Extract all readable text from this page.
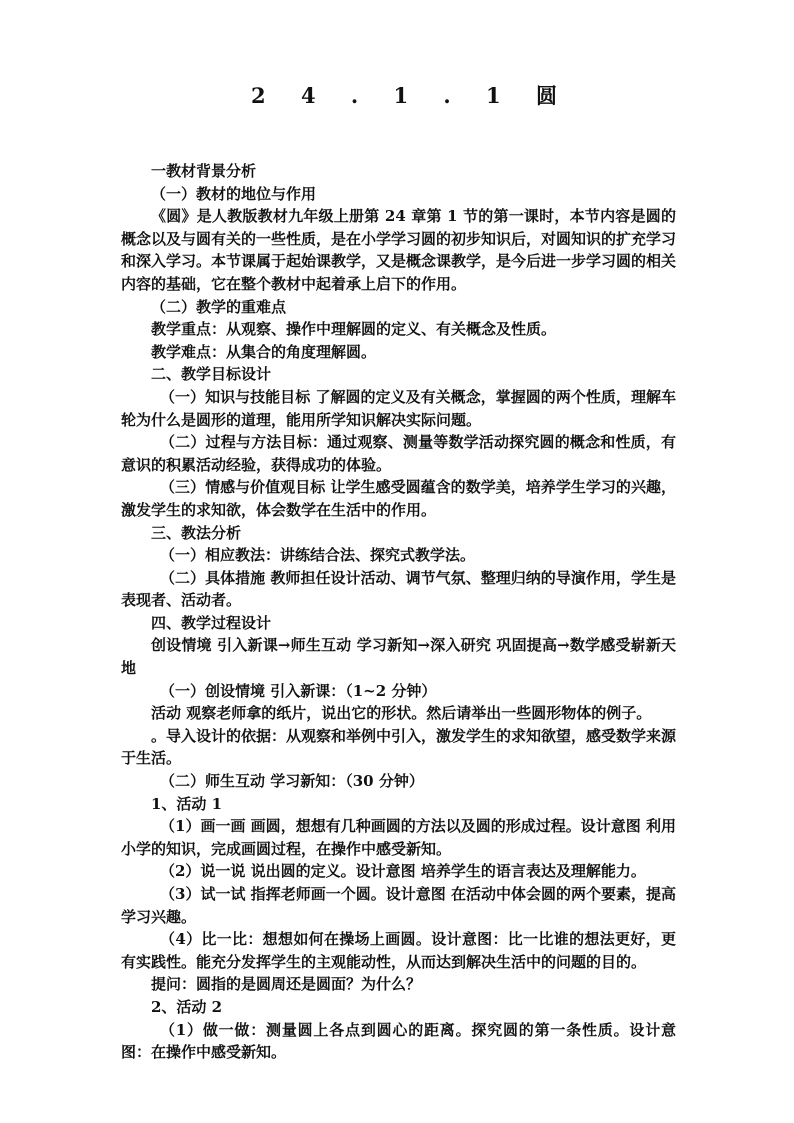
2 4 . 1 . 1 圆

一教材背景分析

（一）教材的地位与作用

《圆》是人教版教材九年级上册第 24 章第 1 节的第一课时，本节内容是圆的概念以及与圆有关的一些性质，是在小学学习圆的初步知识后，对圆知识的扩充学习和深入学习。本节课属于起始课教学，又是概念课教学，是今后进一步学习圆的相关内容的基础，它在整个教材中起着承上启下的作用。

（二）教学的重难点

教学重点：从观察、操作中理解圆的定义、有关概念及性质。

教学难点：从集合的角度理解圆。

二、教学目标设计

（一）知识与技能目标 了解圆的定义及有关概念，掌握圆的两个性质，理解车轮为什么是圆形的道理，能用所学知识解决实际问题。

（二）过程与方法目标：通过观察、测量等数学活动探究圆的概念和性质，有意识的积累活动经验，获得成功的体验。

（三）情感与价值观目标 让学生感受圆蕴含的数学美，培养学生学习的兴趣，激发学生的求知欲，体会数学在生活中的作用。

三、教法分析

（一）相应教法：讲练结合法、探究式教学法。

（二）具体措施 教师担任设计活动、调节气氛、整理归纳的导演作用，学生是表现者、活动者。

四、教学过程设计

创设情境 引入新课→师生互动 学习新知→深入研究 巩固提高→数学感受崭新天地

（一）创设情境 引入新课：（1~2 分钟）

活动 观察老师拿的纸片，说出它的形状。然后请举出一些圆形物体的例子。

。导入设计的依据：从观察和举例中引入，激发学生的求知欲望，感受数学来源于生活。

（二）师生互动 学习新知：（30 分钟）

1、活动 1

（1）画一画 画圆，想想有几种画圆的方法以及圆的形成过程。设计意图 利用小学的知识，完成画圆过程，在操作中感受新知。

（2）说一说 说出圆的定义。设计意图 培养学生的语言表达及理解能力。

（3）试一试 指挥老师画一个圆。设计意图 在活动中体会圆的两个要素，提高学习兴趣。

（4）比一比：想想如何在操场上画圆。设计意图：比一比谁的想法更好，更有实践性。能充分发挥学生的主观能动性，从而达到解决生活中的问题的目的。

提问：圆指的是圆周还是圆面？为什么？

2、活动 2

（1）做一做：测量圆上各点到圆心的距离。探究圆的第一条性质。设计意图：在操作中感受新知。
